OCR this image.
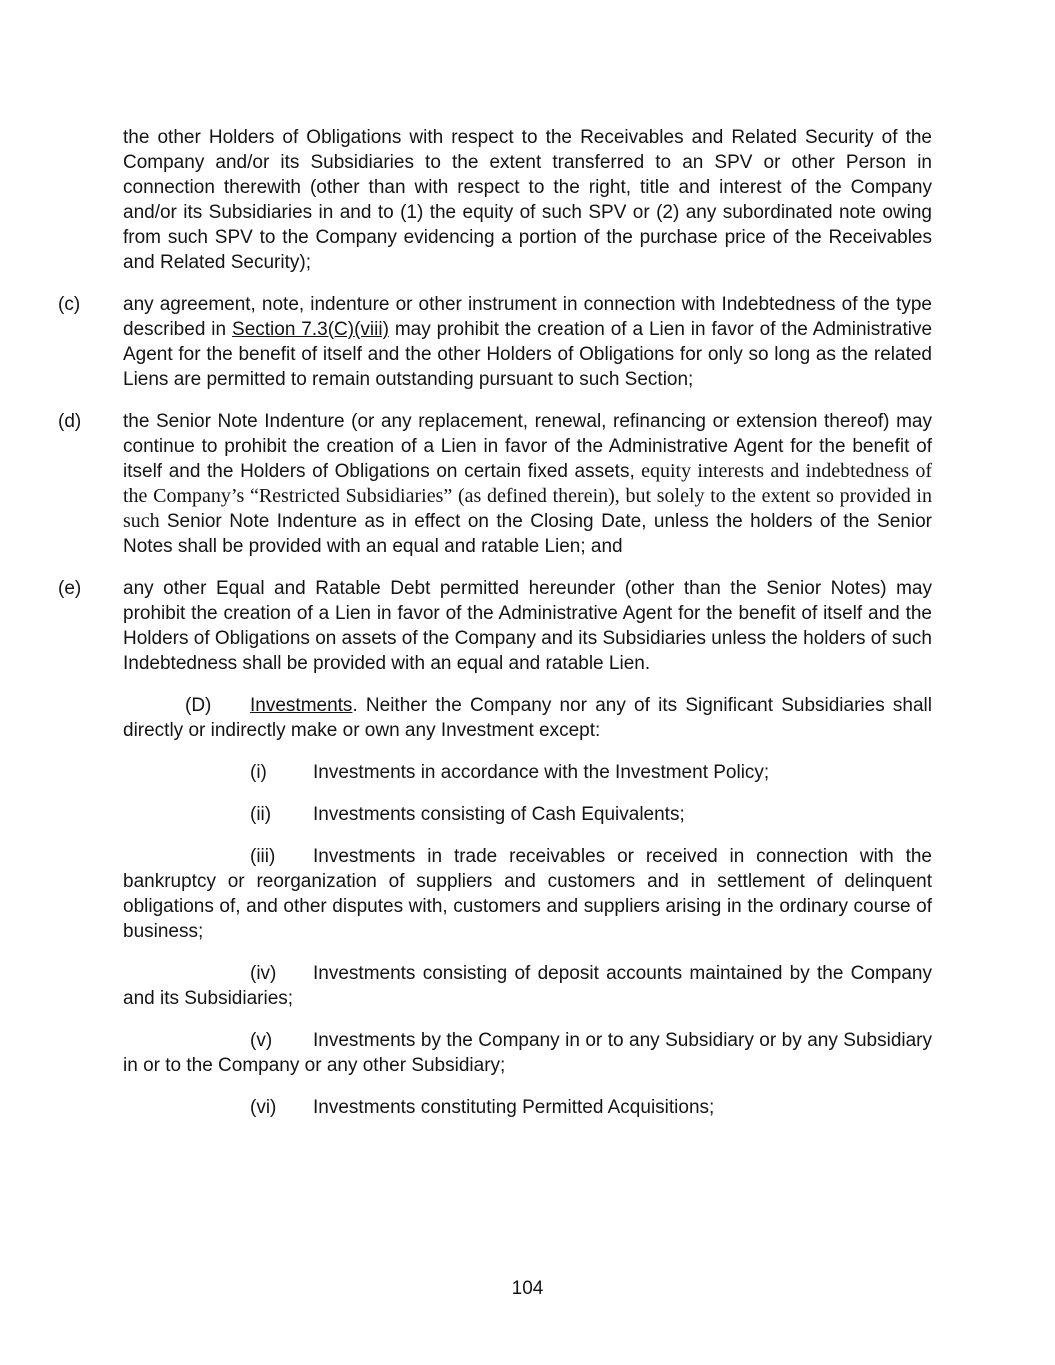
the other Holders of Obligations with respect to the Receivables and Related Security of the Company and/or its Subsidiaries to the extent transferred to an SPV or other Person in connection therewith (other than with respect to the right, title and interest of the Company and/or its Subsidiaries in and to (1) the equity of such SPV or (2) any subordinated note owing from such SPV to the Company evidencing a portion of the purchase price of the Receivables and Related Security);

(c) any agreement, note, indenture or other instrument in connection with Indebtedness of the type described in Section 7.3(C)(viii) may prohibit the creation of a Lien in favor of the Administrative Agent for the benefit of itself and the other Holders of Obligations for only so long as the related Liens are permitted to remain outstanding pursuant to such Section;
(d) the Senior Note Indenture (or any replacement, renewal, refinancing or extension thereof) may continue to prohibit the creation of a Lien in favor of the Administrative Agent for the benefit of itself and the Holders of Obligations on certain fixed assets, equity interests and indebtedness of the Company’s “Restricted Subsidiaries” (as defined therein), but solely to the extent so provided in such Senior Note Indenture as in effect on the Closing Date, unless the holders of the Senior Notes shall be provided with an equal and ratable Lien; and
(e) any other Equal and Ratable Debt permitted hereunder (other than the Senior Notes) may prohibit the creation of a Lien in favor of the Administrative Agent for the benefit of itself and the Holders of Obligations on assets of the Company and its Subsidiaries unless the holders of such Indebtedness shall be provided with an equal and ratable Lien.

(D) Investments. Neither the Company nor any of its Significant Subsidiaries shall directly or indirectly make or own any Investment except:

(i) Investments in accordance with the Investment Policy;

(ii) Investments consisting of Cash Equivalents;

(iii) Investments in trade receivables or received in connection with the bankruptcy or reorganization of suppliers and customers and in settlement of delinquent obligations of, and other disputes with, customers and suppliers arising in the ordinary course of business;

(iv) Investments consisting of deposit accounts maintained by the Company and its Subsidiaries;

(v) Investments by the Company in or to any Subsidiary or by any Subsidiary in or to the Company or any other Subsidiary;

(vi) Investments constituting Permitted Acquisitions;

104
